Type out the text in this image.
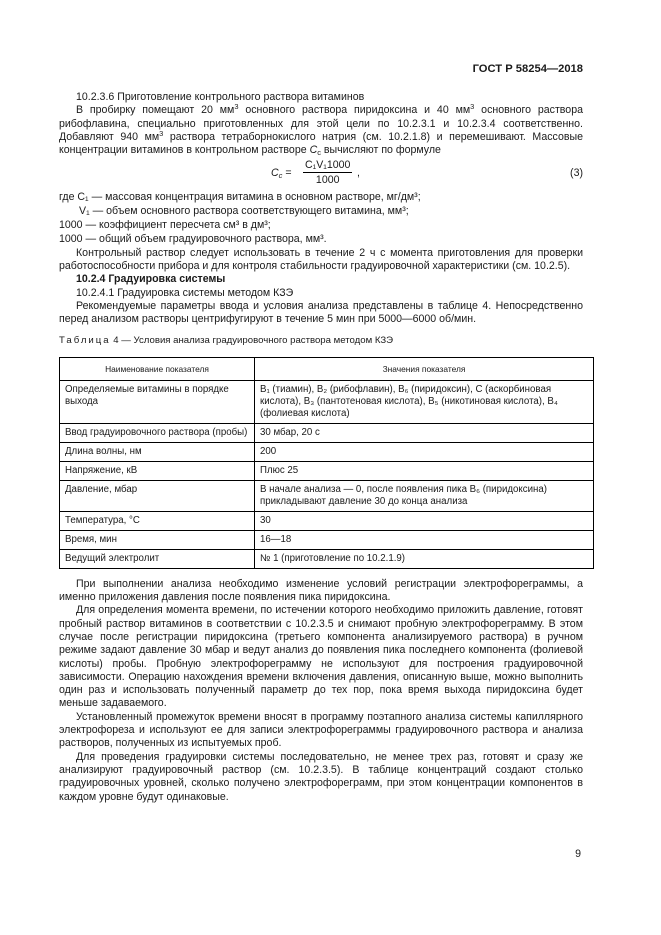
ГОСТ Р 58254—2018

10.2.3.6 Приготовление контрольного раствора витаминов

В пробирку помещают 20 $мм^3$ основного раствора пиридоксина и 40 $мм^3$ основного раствора рибофлавина, специально приготовленных для этой цели по 10.2.3.1 и 10.2.3.4 соответственно. Добавляют 940 $мм^3$ раствора тетраборнокислого натрия (см. 10.2.1.8) и перемешивают. Массовые концентрации витаминов в контрольном растворе $C_c$ вычисляют по формуле

$C_c = \frac{\text{C₁V₁1000}}{1000}$ ,	(3)

где C₁ — массовая концентрация витамина в основном растворе, мг/дм³;

V₁ — объем основного раствора соответствующего витамина, мм³;

1000 — коэффициент пересчета см³ в дм³;

1000 — общий объем градуировочного раствора, мм³.

Контрольный раствор следует использовать в течение 2 ч с момента приготовления для проверки работоспособности прибора и для контроля стабильности градуировочной характеристики (см. 10.2.5).

10.2.4 Градуировка системы

10.2.4.1 Градуировка системы методом КЗЭ

Рекомендуемые параметры ввода и условия анализа представлены в таблице 4. Непосредственно перед анализом растворы центрифугируют в течение 5 мин при 5000—6000 об/мин.

Таблица 4 — Условия анализа градуировочного раствора методом КЗЭ

Наименование показателя	Значения показателя
Определяемые витамины в порядке выхода	B₁ (тиамин), B₂ (рибофлавин), B₆ (пиридоксин), C (аскорбиновая кислота), B₃ (пантотеновая кислота), B₅ (никотиновая кислота), B₄ (фолиевая кислота)
Ввод градуировочного раствора (пробы)	30 мбар, 20 с
Длина волны, нм	200
Напряжение, кВ	Плюс 25
Давление, мбар	В начале анализа — 0, после появления пика B₆ (пиридоксина) прикладывают давление 30 до конца анализа
Температура, °С	30
Время, мин	16—18
Ведущий электролит	№ 1 (приготовление по 10.2.1.9)

При выполнении анализа необходимо изменение условий регистрации электрофореграммы, а именно приложения давления после появления пика пиридоксина.

Для определения момента времени, по истечении которого необходимо приложить давление, готовят пробный раствор витаминов в соответствии с 10.2.3.5 и снимают пробную электрофореграмму. В этом случае после регистрации пиридоксина (третьего компонента анализируемого раствора) в ручном режиме задают давление 30 мбар и ведут анализ до появления пика последнего компонента (фолиевой кислоты) пробы. Пробную электрофореграмму не используют для построения градуировочной зависимости. Операцию нахождения времени включения давления, описанную выше, можно выполнить один раз и использовать полученный параметр до тех пор, пока время выхода пиридоксина будет меньше задаваемого.

Установленный промежуток времени вносят в программу поэтапного анализа системы капиллярного электрофореза и используют ее для записи электрофореграммы градуировочного раствора и анализа растворов, полученных из испытуемых проб.

Для проведения градуировки системы последовательно, не менее трех раз, готовят и сразу же анализируют градуировочный раствор (см. 10.2.3.5). В таблице концентраций создают столько градуировочных уровней, сколько получено электрофореграмм, при этом концентрации компонентов в каждом уровне будут одинаковые.

9
